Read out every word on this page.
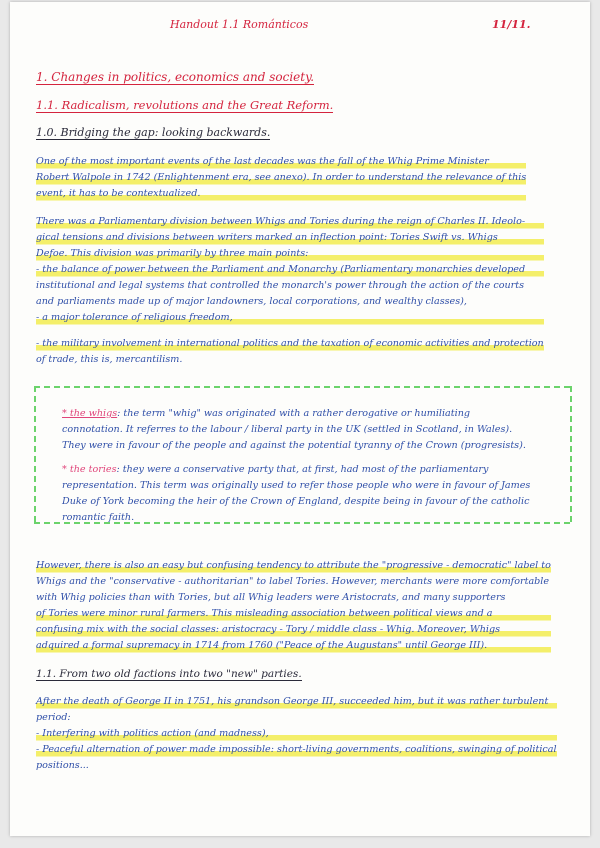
Handout 1.1 Románticos	11/11.
1. Changes in politics, economics and society.
1.1. Radicalism, revolutions and the Great Reform.
1.0. Bridging the gap: looking backwards.
One of the most important events of the last decades was the fall of the Whig Prime Minister
Robert Walpole in 1742 (Enlightenment era, see anexo). In order to understand the relevance of this
event, it has to be contextualized.
There was a Parliamentary division between Whigs and Tories during the reign of Charles II. Ideolo-
gical tensions and divisions between writers marked an inflection point: Tories Swift vs. Whigs
Defoe. This division was primarily by three main points:
- the balance of power between the Parliament and Monarchy (Parliamentary monarchies developed
institutional and legal systems that controlled the monarch's power through the action of the courts
and parliaments made up of major landowners, local corporations, and wealthy classes),
- a major tolerance of religious freedom,
- the military involvement in international politics and the taxation of economic activities and protection
of trade, this is, mercantilism.
* the whigs: the term "whig" was originated with a rather derogative or humiliating
connotation. It referres to the labour / liberal party in the UK (settled in Scotland, in Wales).
They were in favour of the people and against the potential tyranny of the Crown (progresists).
* the tories: they were a conservative party that, at first, had most of the parliamentary
representation. This term was originally used to refer those people who were in favour of James
Duke of York becoming the heir of the Crown of England, despite being in favour of the catholic
romantic faith.
However, there is also an easy but confusing tendency to attribute the "progressive - democratic" label to
Whigs and the "conservative - authoritarian" to label Tories. However, merchants were more comfortable
with Whig policies than with Tories, but all Whig leaders were Aristocrats, and many supporters
of Tories were minor rural farmers. This misleading association between political views and a
confusing mix with the social classes: aristocracy - Tory / middle class - Whig. Moreover, Whigs
adquired a formal supremacy in 1714 from 1760 ("Peace of the Augustans" until George III).
1.1. From two old factions into two "new" parties.
After the death of George II in 1751, his grandson George III, succeeded him, but it was rather turbulent
period:
- Interfering with politics action (and madness),
- Peaceful alternation of power made impossible: short-living governments, coalitions, swinging of political
positions...
